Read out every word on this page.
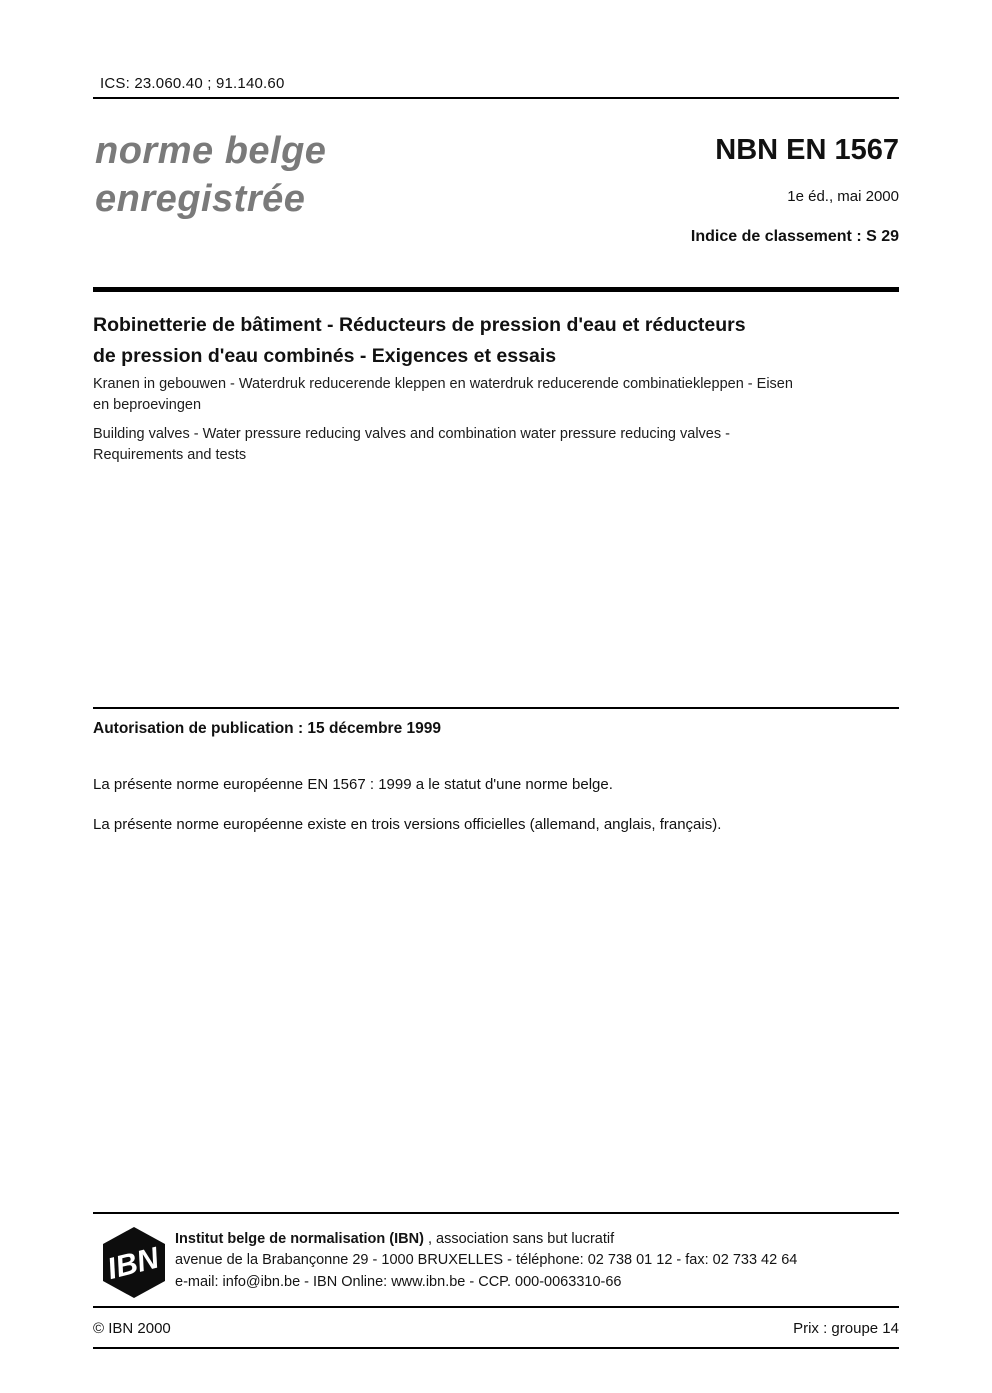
ICS: 23.060.40 ; 91.140.60
norme belge
enregistrée
NBN EN 1567
1e éd., mai 2000
Indice de classement : S 29
Robinetterie de bâtiment - Réducteurs de pression d'eau et réducteurs
de pression d'eau combinés - Exigences et essais
Kranen in gebouwen - Waterdruk reducerende kleppen en waterdruk reducerende combinatiekleppen - Eisen
en beproevingen
Building valves - Water pressure reducing valves and combination water pressure reducing valves -
Requirements and tests
Autorisation de publication : 15 décembre 1999
La présente norme européenne EN 1567 : 1999 a le statut d'une norme belge.
La présente norme européenne existe en trois versions officielles (allemand, anglais, français).
IBN
Institut belge de normalisation (IBN) , association sans but lucratif
avenue de la Brabançonne 29 - 1000 BRUXELLES - téléphone: 02 738 01 12 - fax: 02 733 42 64
e-mail: info@ibn.be - IBN Online: www.ibn.be - CCP. 000-0063310-66
© IBN 2000	Prix : groupe 14
